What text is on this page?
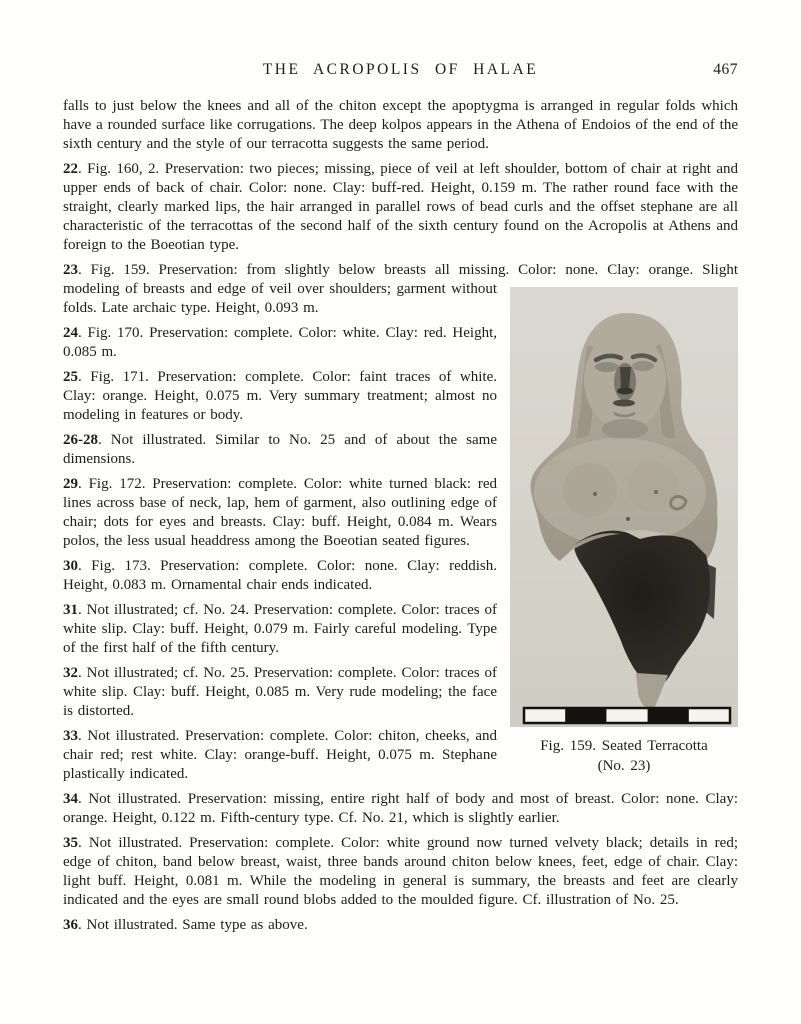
THE ACROPOLIS OF HALAE	467

falls to just below the knees and all of the chiton except the apoptygma is arranged in regular folds which have a rounded surface like corrugations. The deep kolpos appears in the Athena of Endoios of the end of the sixth century and the style of our terracotta suggests the same period.

22. Fig. 160, 2. Preservation: two pieces; missing, piece of veil at left shoulder, bottom of chair at right and upper ends of back of chair. Color: none. Clay: buff-red. Height, 0.159 m. The rather round face with the straight, clearly marked lips, the hair arranged in parallel rows of bead curls and the offset stephane are all characteristic of the terracottas of the second half of the sixth century found on the Acropolis at Athens and foreign to the Boeotian type.

Fig. 159. Seated Terracotta
(No. 23)
23. Fig. 159. Preservation: from slightly below breasts all missing. Color: none. Clay: orange. Slight modeling of breasts and edge of veil over shoulders; garment without folds. Late archaic type. Height, 0.093 m.

24. Fig. 170. Preservation: complete. Color: white. Clay: red. Height, 0.085 m.

25. Fig. 171. Preservation: complete. Color: faint traces of white. Clay: orange. Height, 0.075 m. Very summary treatment; almost no modeling in features or body.

26-28. Not illustrated. Similar to No. 25 and of about the same dimensions.

29. Fig. 172. Preservation: complete. Color: white turned black: red lines across base of neck, lap, hem of garment, also outlining edge of chair; dots for eyes and breasts. Clay: buff. Height, 0.084 m. Wears polos, the less usual headdress among the Boeotian seated figures.

30. Fig. 173. Preservation: complete. Color: none. Clay: reddish. Height, 0.083 m. Ornamental chair ends indicated.

31. Not illustrated; cf. No. 24. Preservation: complete. Color: traces of white slip. Clay: buff. Height, 0.079 m. Fairly careful modeling. Type of the first half of the fifth century.

32. Not illustrated; cf. No. 25. Preservation: complete. Color: traces of white slip. Clay: buff. Height, 0.085 m. Very rude modeling; the face is distorted.

33. Not illustrated. Preservation: complete. Color: chiton, cheeks, and chair red; rest white. Clay: orange-buff. Height, 0.075 m. Stephane plastically indicated.

34. Not illustrated. Preservation: missing, entire right half of body and most of breast. Color: none. Clay: orange. Height, 0.122 m. Fifth-century type. Cf. No. 21, which is slightly earlier.

35. Not illustrated. Preservation: complete. Color: white ground now turned velvety black; details in red; edge of chiton, band below breast, waist, three bands around chiton below knees, feet, edge of chair. Clay: light buff. Height, 0.081 m. While the modeling in general is summary, the breasts and feet are clearly indicated and the eyes are small round blobs added to the moulded figure. Cf. illustration of No. 25.

36. Not illustrated. Same type as above.
